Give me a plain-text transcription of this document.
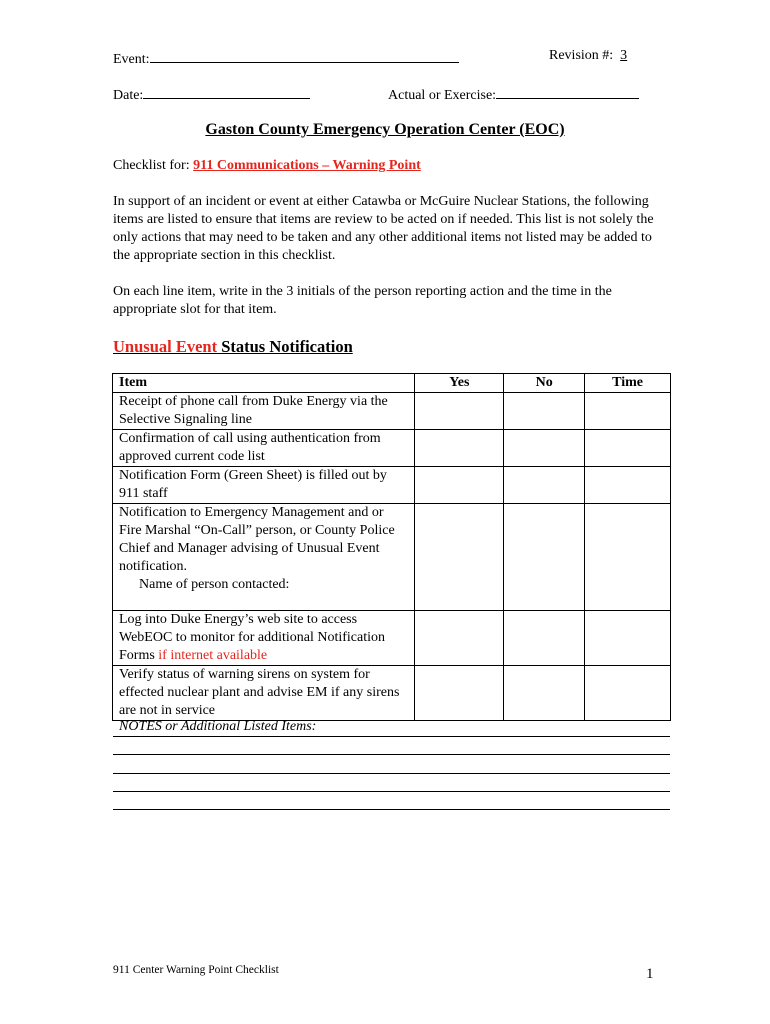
Event:	Revision #: 3
Date:	Actual or Exercise:
Gaston County Emergency Operation Center (EOC)
Checklist for: 911 Communications – Warning Point
In support of an incident or event at either Catawba or McGuire Nuclear Stations, the following items are listed to ensure that items are review to be acted on if needed. This list is not solely the only actions that may need to be taken and any other additional items not listed may be added to the appropriate section in this checklist.
On each line item, write in the 3 initials of the person reporting action and the time in the appropriate slot for that item.
Unusual Event Status Notification
Item	Yes	No	Time
Receipt of phone call from Duke Energy via the Selective Signaling line			
Confirmation of call using authentication from approved current code list			
Notification Form (Green Sheet) is filled out by 911 staff			

Notification to Emergency Management and or Fire Marshal “On-Call” person, or County Police Chief and Manager advising of Unusual Event notification.
Name of person contacted:			

Log into Duke Energy’s web site to access WebEOC to monitor for additional Notification Forms if internet available			
Verify status of warning sirens on system for effected nuclear plant and advise EM if any sirens are not in service			
NOTES or Additional Listed Items:
911 Center Warning Point Checklist	1
